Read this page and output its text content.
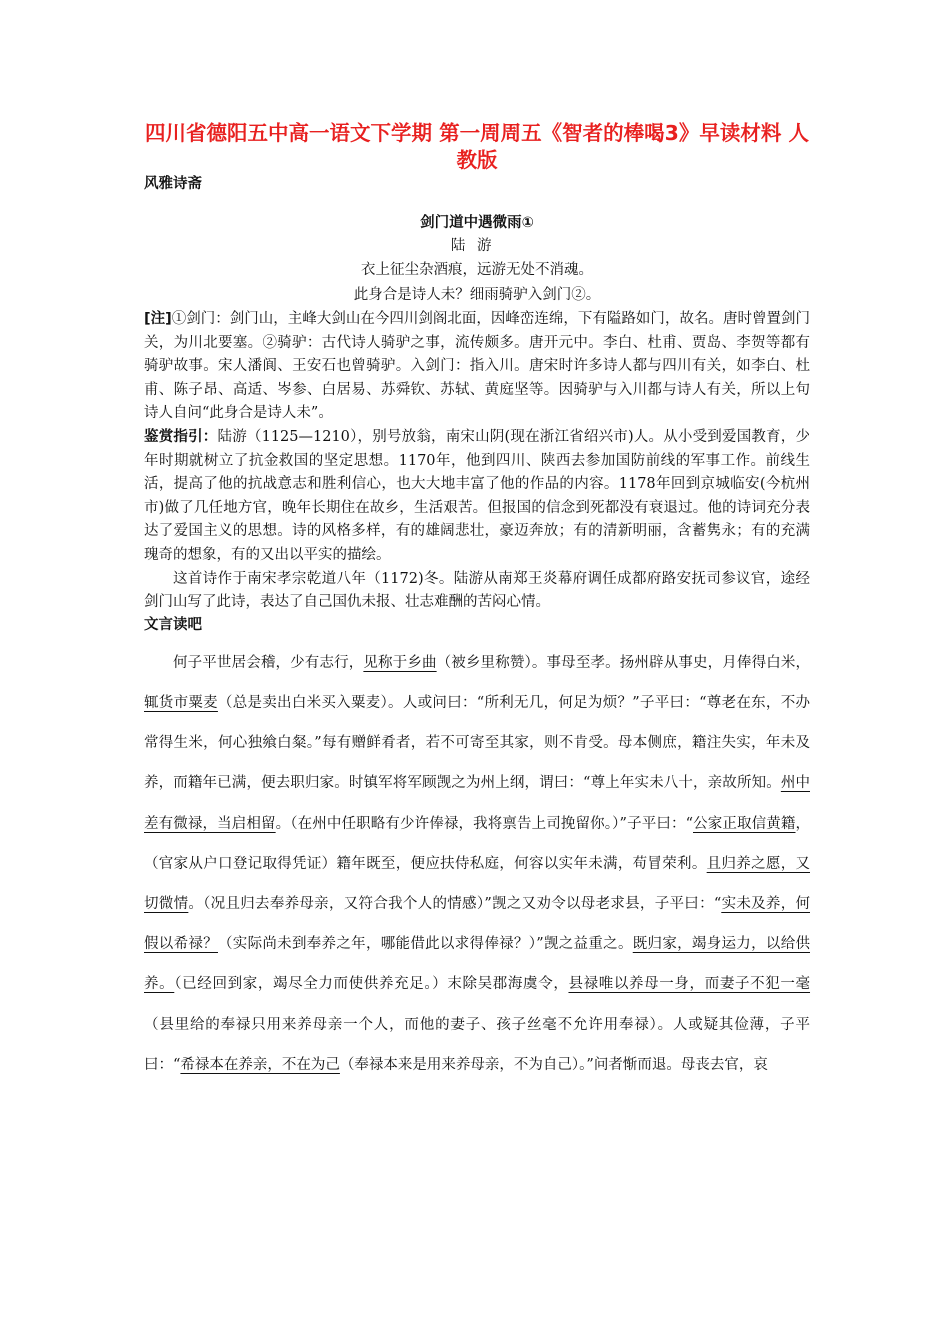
四川省德阳五中高一语文下学期 第一周周五《智者的棒喝3》早读材料 人教版
风雅诗斋
剑门道中遇微雨①
陆游
衣上征尘杂酒痕，远游无处不消魂。
此身合是诗人未？细雨骑驴入剑门②。

[注]①剑门：剑门山，主峰大剑山在今四川剑阁北面，因峰峦连绵，下有隘路如门，故名。唐时曾置剑门关，为川北要塞。②骑驴：古代诗人骑驴之事，流传颇多。唐开元中。李白、杜甫、贾岛、李贺等都有骑驴故事。宋人潘阆、王安石也曾骑驴。入剑门：指入川。唐宋时许多诗人都与四川有关，如李白、杜甫、陈子昂、高适、岑参、白居易、苏舜钦、苏轼、黄庭坚等。因骑驴与入川都与诗人有关，所以上句诗人自问“此身合是诗人未”。

鉴赏指引：陆游（1125—1210），别号放翁，南宋山阴(现在浙江省绍兴市)人。从小受到爱国教育，少年时期就树立了抗金救国的坚定思想。1170年，他到四川、陕西去参加国防前线的军事工作。前线生活，提高了他的抗战意志和胜利信心，也大大地丰富了他的作品的内容。1178年回到京城临安(今杭州市)做了几任地方官，晚年长期住在故乡，生活艰苦。但报国的信念到死都没有衰退过。他的诗词充分表达了爱国主义的思想。诗的风格多样，有的雄阔悲壮，豪迈奔放；有的清新明丽，含蓄隽永；有的充满瑰奇的想象，有的又出以平实的描绘。

这首诗作于南宋孝宗乾道八年（1172)冬。陆游从南郑王炎幕府调任成都府路安抚司参议官，途经剑门山写了此诗，表达了自己国仇未报、壮志难酬的苦闷心情。

文言读吧

何子平世居会稽，少有志行，见称于乡曲（被乡里称赞）。事母至孝。扬州辟从事史，月俸得白米，辄货市粟麦（总是卖出白米买入粟麦）。人或问曰：“所利无几，何足为烦？”子平曰：“尊老在东，不办常得生米，何心独飨白粲。”每有赠鲜肴者，若不可寄至其家，则不肯受。母本侧庶，籍注失实，年未及养，而籍年已满，便去职归家。时镇军将军顾觊之为州上纲，谓曰：“尊上年实未八十，亲故所知。州中差有微禄，当启相留。（在州中任职略有少许俸禄，我将禀告上司挽留你。）”子平曰：“公家正取信黄籍，（官家从户口登记取得凭证）籍年既至，便应扶侍私庭，何容以实年未满，苟冒荣利。且归养之愿，又切微情。（况且归去奉养母亲，又符合我个人的情感）”觊之又劝令以母老求县，子平曰：“实未及养，何假以希禄？（实际尚未到奉养之年，哪能借此以求得俸禄？）”觊之益重之。既归家，竭身运力，以给供养。（已经回到家，竭尽全力而使供养充足。）末除吴郡海虞令，县禄唯以养母一身，而妻子不犯一毫（县里给的奉禄只用来养母亲一个人，而他的妻子、孩子丝毫不允许用奉禄）。人或疑其俭薄，子平曰：“希禄本在养亲，不在为己（奉禄本来是用来养母亲，不为自己）。”问者惭而退。母丧去官，哀
